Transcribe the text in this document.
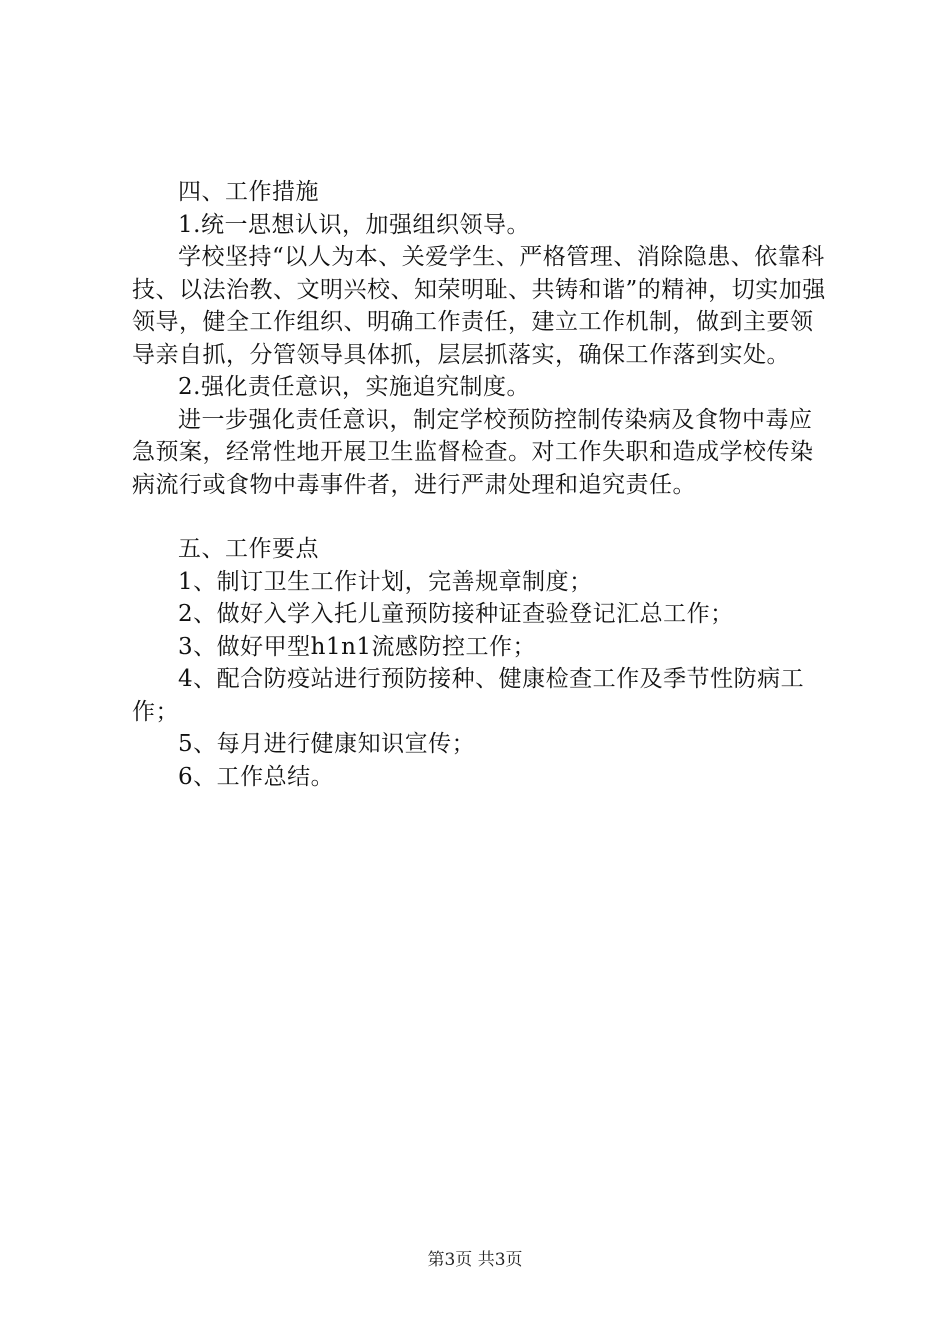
四、工作措施

1.统一思想认识，加强组织领导。

学校坚持“以人为本、关爱学生、严格管理、消除隐患、依靠科技、以法治教、文明兴校、知荣明耻、共铸和谐”的精神，切实加强领导，健全工作组织、明确工作责任，建立工作机制，做到主要领导亲自抓，分管领导具体抓，层层抓落实，确保工作落到实处。

2.强化责任意识，实施追究制度。

进一步强化责任意识，制定学校预防控制传染病及食物中毒应急预案，经常性地开展卫生监督检查。对工作失职和造成学校传染病流行或食物中毒事件者，进行严肃处理和追究责任。

五、工作要点

1、制订卫生工作计划，完善规章制度；

2、做好入学入托儿童预防接种证查验登记汇总工作；

3、做好甲型h1n1流感防控工作；

4、配合防疫站进行预防接种、健康检查工作及季节性防病工作；

5、每月进行健康知识宣传；

6、工作总结。

第3页 共3页
